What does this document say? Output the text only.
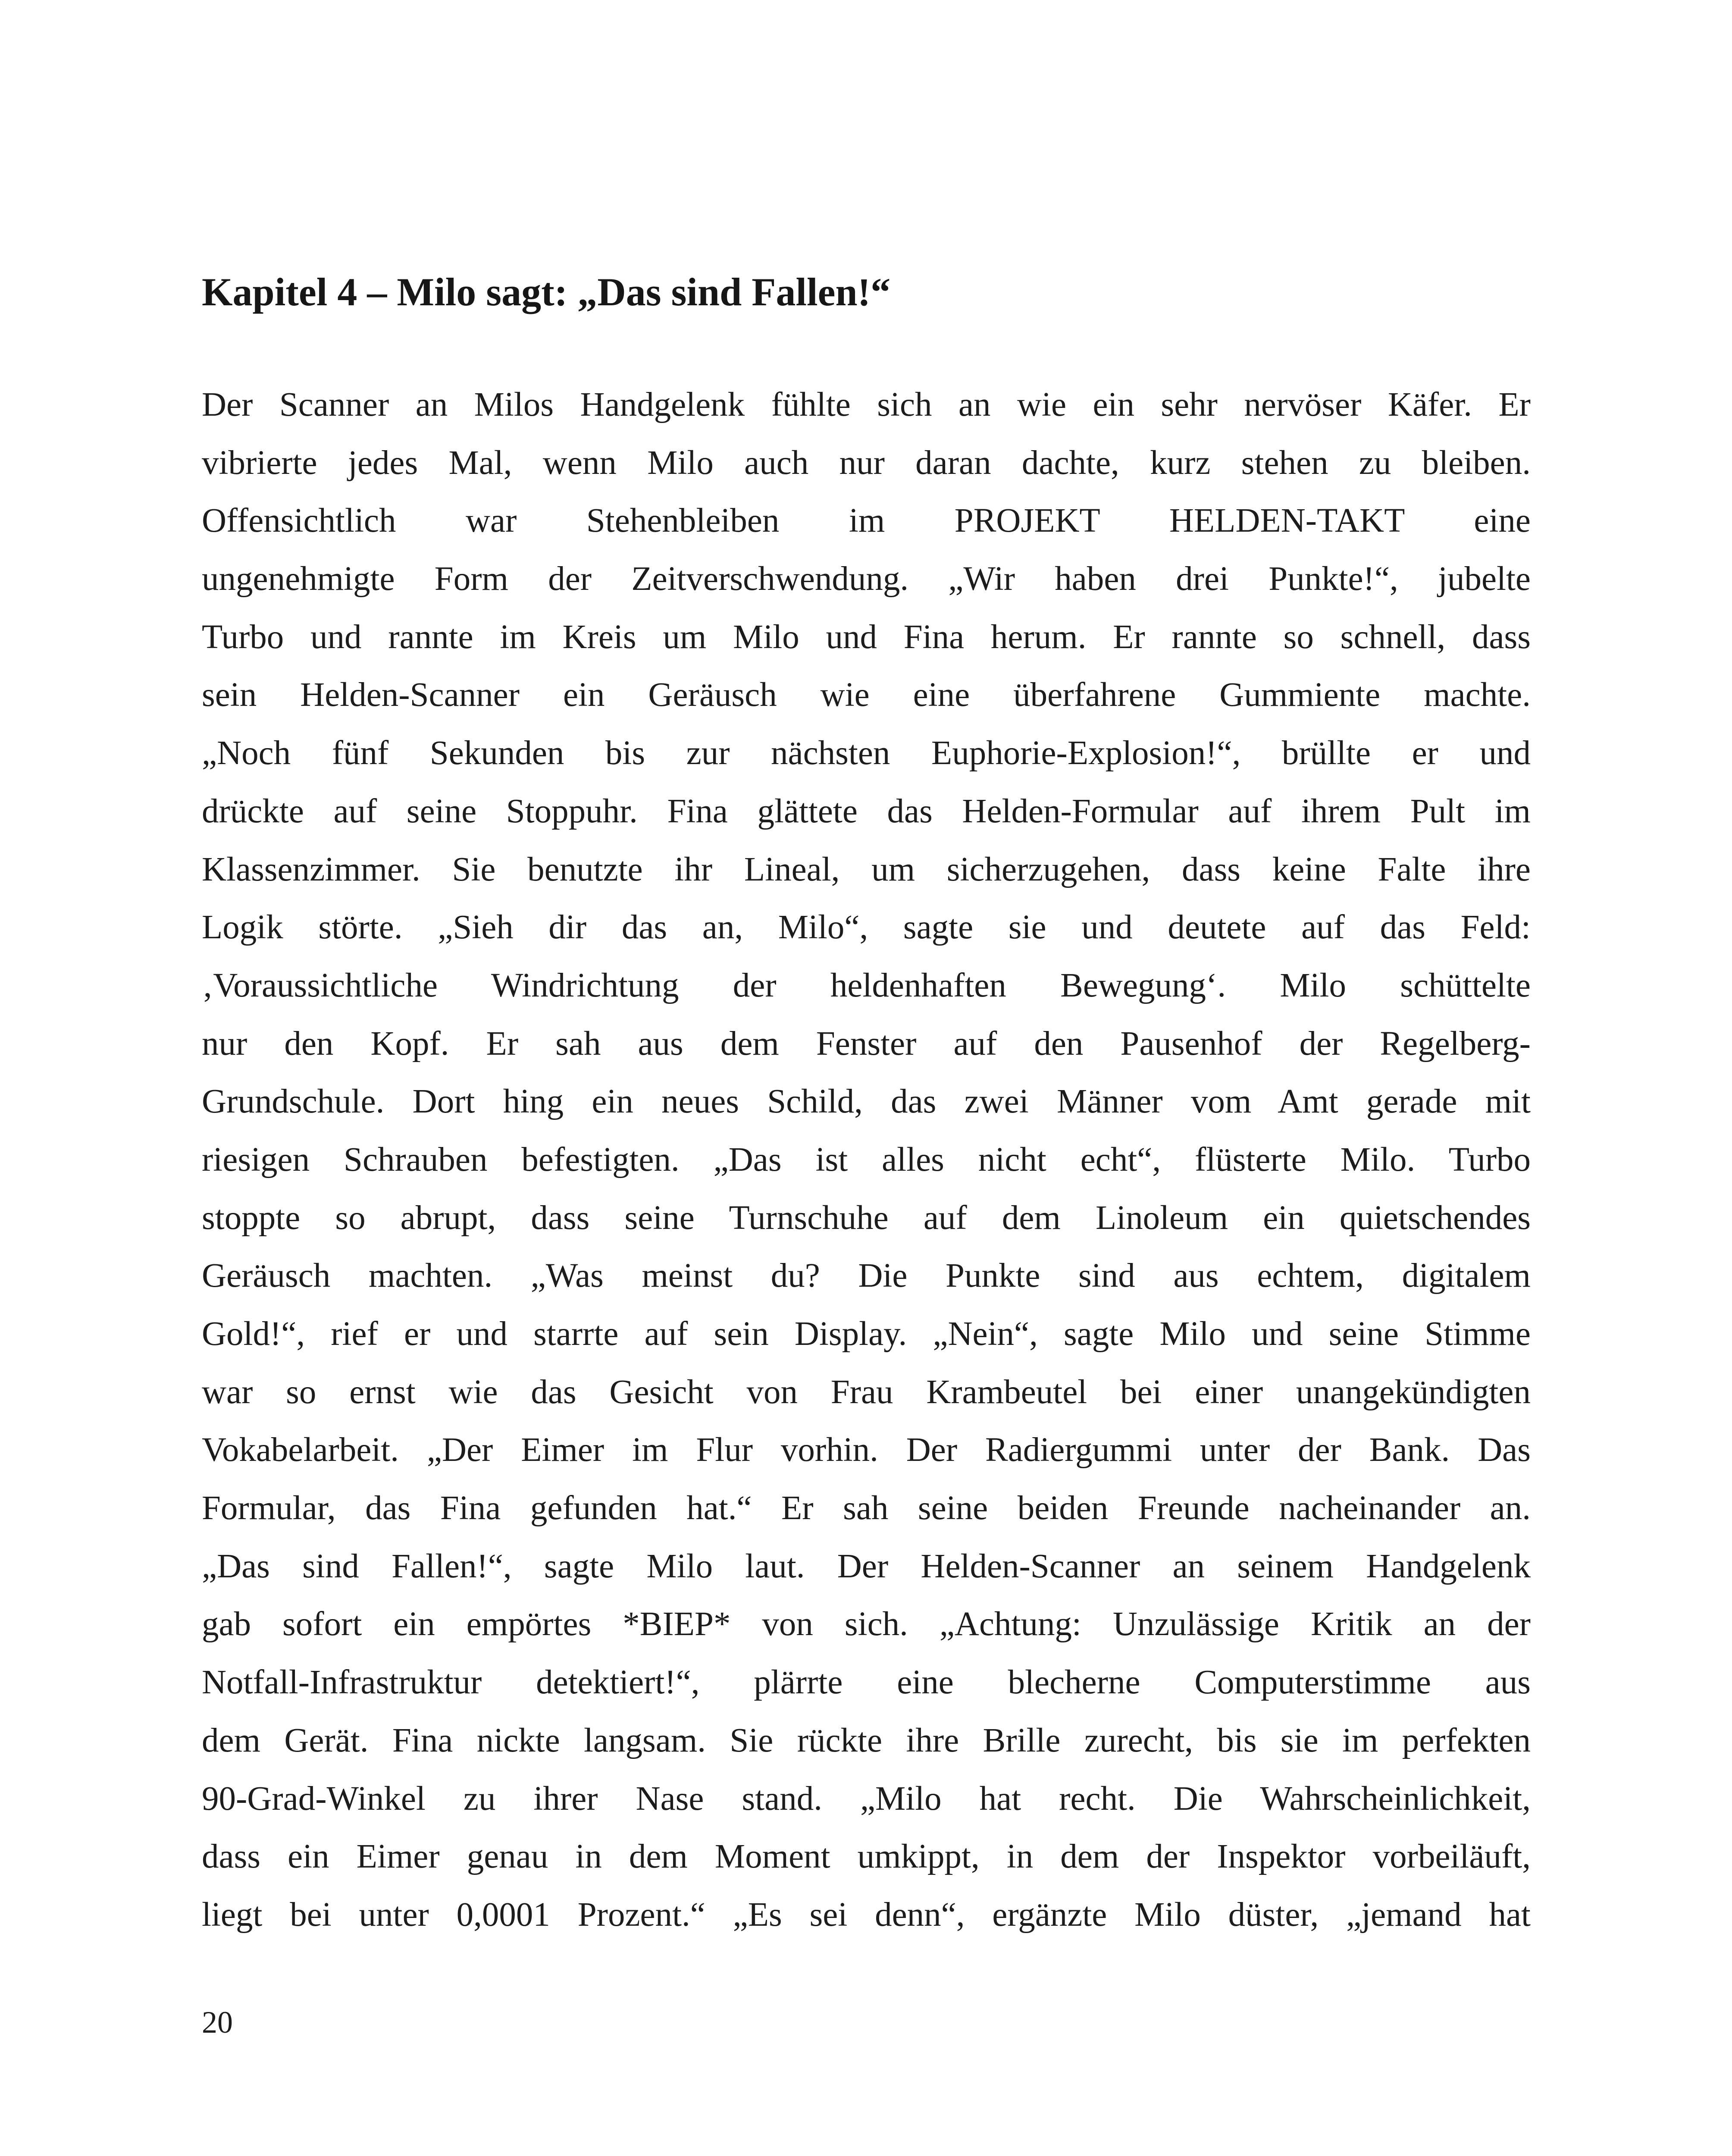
Kapitel 4 – Milo sagt: „Das sind Fallen!“
Der Scanner an Milos Handgelenk fühlte sich an wie ein sehr nervöser Käfer. Er
vibrierte jedes Mal, wenn Milo auch nur daran dachte, kurz stehen zu bleiben.
Offensichtlich war Stehenbleiben im PROJEKT HELDEN-TAKT eine
ungenehmigte Form der Zeitverschwendung. „Wir haben drei Punkte!“, jubelte
Turbo und rannte im Kreis um Milo und Fina herum. Er rannte so schnell, dass
sein Helden-Scanner ein Geräusch wie eine überfahrene Gummiente machte.
„Noch fünf Sekunden bis zur nächsten Euphorie-Explosion!“, brüllte er und
drückte auf seine Stoppuhr. Fina glättete das Helden-Formular auf ihrem Pult im
Klassenzimmer. Sie benutzte ihr Lineal, um sicherzugehen, dass keine Falte ihre
Logik störte. „Sieh dir das an, Milo“, sagte sie und deutete auf das Feld:
‚Voraussichtliche Windrichtung der heldenhaften Bewegung‘. Milo schüttelte
nur den Kopf. Er sah aus dem Fenster auf den Pausenhof der Regelberg-
Grundschule. Dort hing ein neues Schild, das zwei Männer vom Amt gerade mit
riesigen Schrauben befestigten. „Das ist alles nicht echt“, flüsterte Milo. Turbo
stoppte so abrupt, dass seine Turnschuhe auf dem Linoleum ein quietschendes
Geräusch machten. „Was meinst du? Die Punkte sind aus echtem, digitalem
Gold!“, rief er und starrte auf sein Display. „Nein“, sagte Milo und seine Stimme
war so ernst wie das Gesicht von Frau Krambeutel bei einer unangekündigten
Vokabelarbeit. „Der Eimer im Flur vorhin. Der Radiergummi unter der Bank. Das
Formular, das Fina gefunden hat.“ Er sah seine beiden Freunde nacheinander an.
„Das sind Fallen!“, sagte Milo laut. Der Helden-Scanner an seinem Handgelenk
gab sofort ein empörtes *BIEP* von sich. „Achtung: Unzulässige Kritik an der
Notfall-Infrastruktur detektiert!“, plärrte eine blecherne Computerstimme aus
dem Gerät. Fina nickte langsam. Sie rückte ihre Brille zurecht, bis sie im perfekten
90-Grad-Winkel zu ihrer Nase stand. „Milo hat recht. Die Wahrscheinlichkeit,
dass ein Eimer genau in dem Moment umkippt, in dem der Inspektor vorbeiläuft,
liegt bei unter 0,0001 Prozent.“ „Es sei denn“, ergänzte Milo düster, „jemand hat

20
